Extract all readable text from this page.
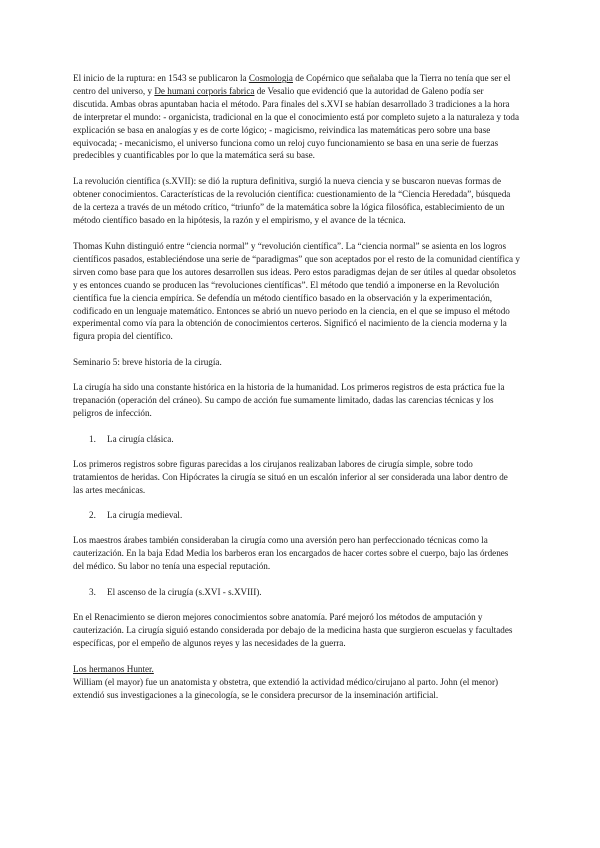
El inicio de la ruptura: en 1543 se publicaron la Cosmologia de Copérnico que señalaba que la Tierra no tenía que ser el centro del universo, y De humani corporis fabrica de Vesalio que evidenció que la autoridad de Galeno podía ser discutida. Ambas obras apuntaban hacia el método. Para finales del s.XVI se habían desarrollado 3 tradiciones a la hora de interpretar el mundo: - organicista, tradicional en la que el conocimiento está por completo sujeto a la naturaleza y toda explicación se basa en analogías y es de corte lógico; - magicismo, reivindica las matemáticas pero sobre una base equivocada; - mecanicismo, el universo funciona como un reloj cuyo funcionamiento se basa en una serie de fuerzas predecibles y cuantificables por lo que la matemática será su base.

La revolución científica (s.XVII): se dió la ruptura definitiva, surgió la nueva ciencia y se buscaron nuevas formas de obtener conocimientos. Características de la revolución científica: cuestionamiento de la “Ciencia Heredada”, búsqueda de la certeza a través de un método crítico, “triunfo” de la matemática sobre la lógica filosófica, establecimiento de un método científico basado en la hipótesis, la razón y el empirismo, y el avance de la técnica.

Thomas Kuhn distinguió entre “ciencia normal” y “revolución científica”. La “ciencia normal” se asienta en los logros científicos pasados, estableciéndose una serie de “paradigmas” que son aceptados por el resto de la comunidad científica y sirven como base para que los autores desarrollen sus ideas. Pero estos paradigmas dejan de ser útiles al quedar obsoletos y es entonces cuando se producen las “revoluciones científicas”. El método que tendió a imponerse en la Revolución científica fue la ciencia empírica. Se defendía un método científico basado en la observación y la experimentación, codificado en un lenguaje matemático. Entonces se abrió un nuevo periodo en la ciencia, en el que se impuso el método experimental como vía para la obtención de conocimientos certeros. Significó el nacimiento de la ciencia moderna y la figura propia del científico.

Seminario 5: breve historia de la cirugía.

La cirugía ha sido una constante histórica en la historia de la humanidad. Los primeros registros de esta práctica fue la trepanación (operación del cráneo). Su campo de acción fue sumamente limitado, dadas las carencias técnicas y los peligros de infección.

1.	La cirugía clásica.

Los primeros registros sobre figuras parecidas a los cirujanos realizaban labores de cirugía simple, sobre todo tratamientos de heridas. Con Hipócrates la cirugía se situó en un escalón inferior al ser considerada una labor dentro de las artes mecánicas.

2.	La cirugía medieval.

Los maestros árabes también consideraban la cirugía como una aversión pero han perfeccionado técnicas como la cauterización. En la baja Edad Media los barberos eran los encargados de hacer cortes sobre el cuerpo, bajo las órdenes del médico. Su labor no tenía una especial reputación.

3.	El ascenso de la cirugía (s.XVI - s.XVIII).

En el Renacimiento se dieron mejores conocimientos sobre anatomía. Paré mejoró los métodos de amputación y cauterización. La cirugía siguió estando considerada por debajo de la medicina hasta que surgieron escuelas y facultades específicas, por el empeño de algunos reyes y las necesidades de la guerra.

Los hermanos Hunter.

William (el mayor) fue un anatomista y obstetra, que extendió la actividad médico/cirujano al parto. John (el menor) extendió sus investigaciones a la ginecología, se le considera precursor de la inseminación artificial.
